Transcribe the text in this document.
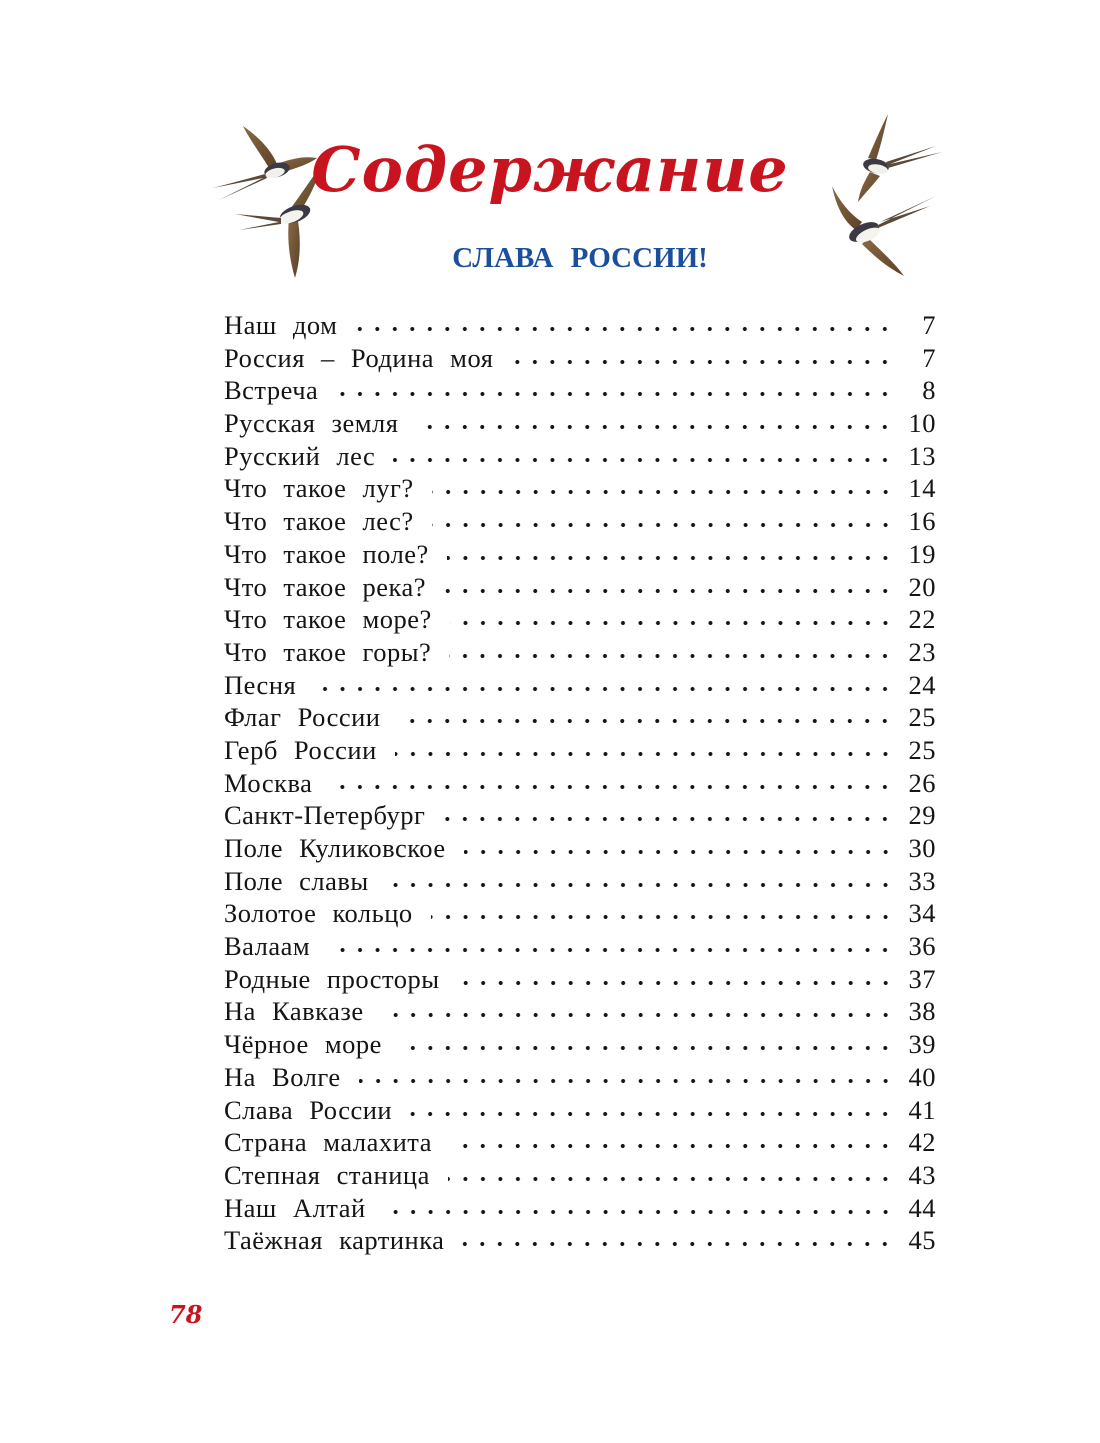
Содержание
СЛАВА РОССИИ!
Наш дом	7
Россия – Родина моя	7
Встреча	8
Русская земля	10
Русский лес	13
Что такое луг?	14
Что такое лес?	16
Что такое поле?	19
Что такое река?	20
Что такое море?	22
Что такое горы?	23
Песня	24
Флаг России	25
Герб России	25
Москва	26
Санкт-Петербург	29
Поле Куликовское	30
Поле славы	33
Золотое кольцо	34
Валаам	36
Родные просторы	37
На Кавказе	38
Чёрное море	39
На Волге	40
Слава России	41
Страна малахита	42
Степная станица	43
Наш Алтай	44
Таёжная картинка	45
78
